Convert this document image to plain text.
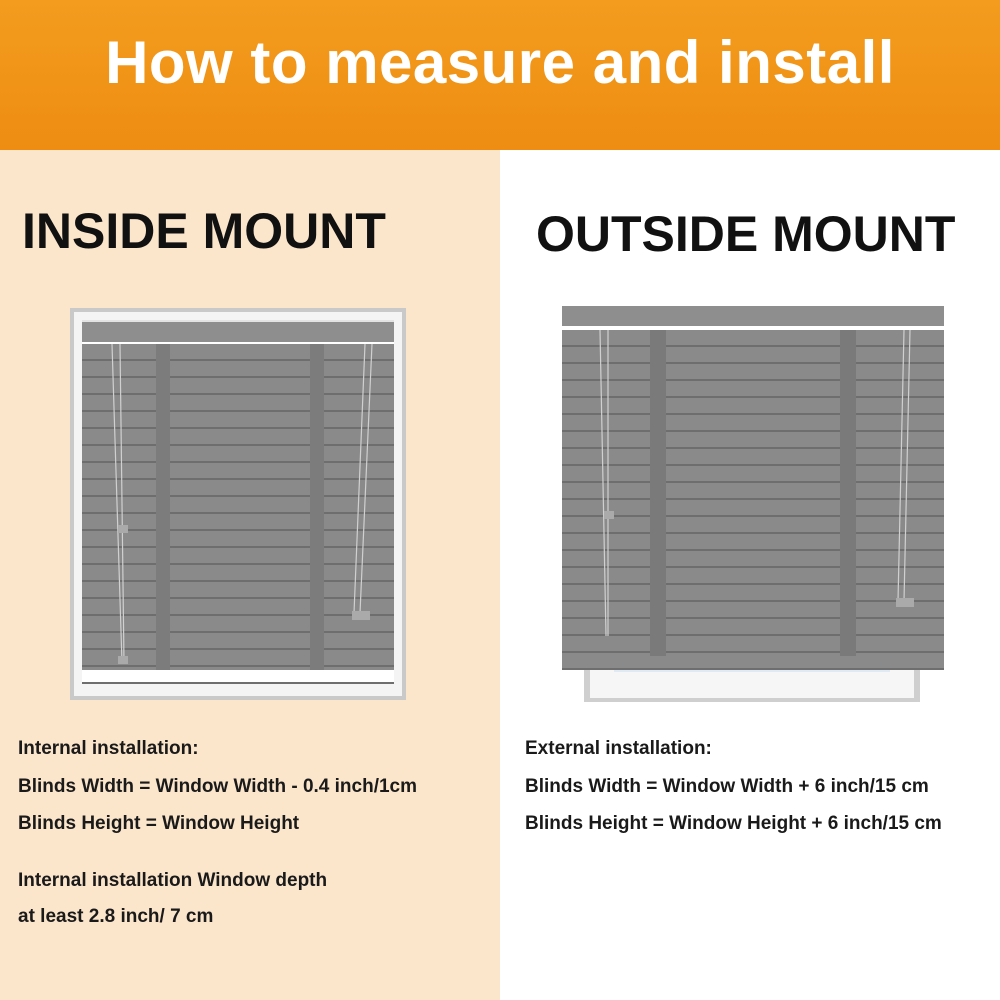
How to measure and install
INSIDE MOUNT	OUTSIDE MOUNT
Internal installation:
Blinds Width = Window Width - 0.4 inch/1cm
Blinds Height = Window Height
Internal installation Window depth
at least 2.8 inch/ 7 cm
External installation:
Blinds Width = Window Width + 6 inch/15 cm
Blinds Height = Window Height + 6 inch/15 cm
